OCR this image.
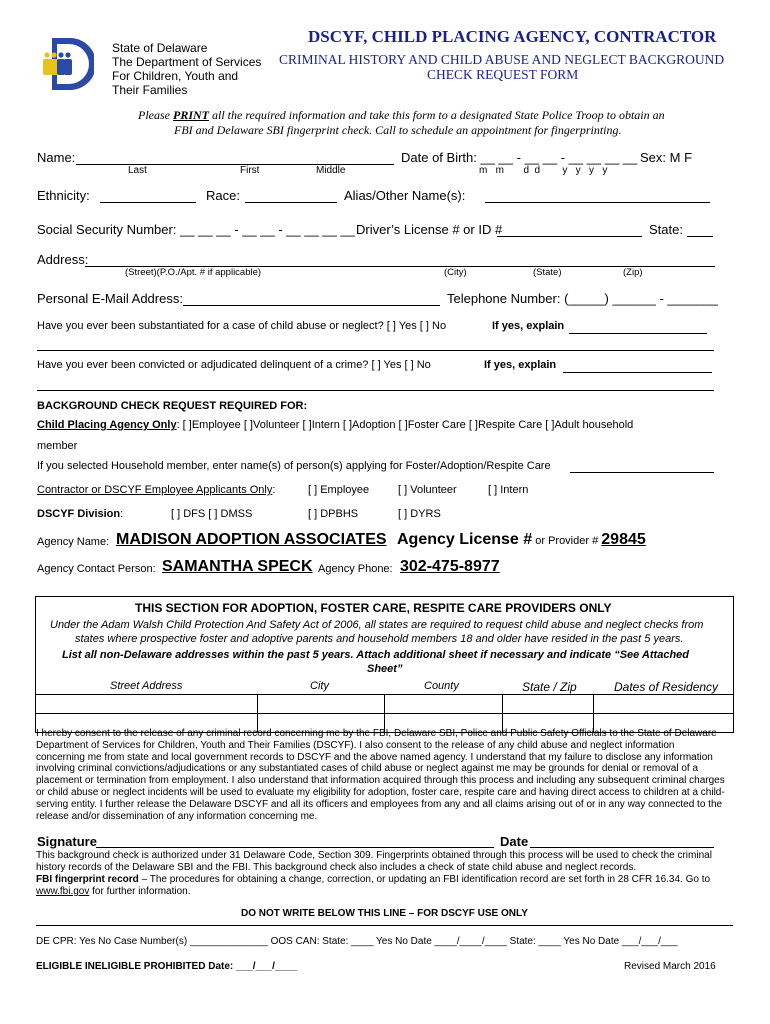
State of Delaware
The Department of Services
For Children, Youth and
Their Families
DSCYF, CHILD PLACING AGENCY, CONTRACTOR
CRIMINAL HISTORY AND CHILD ABUSE AND NEGLECT BACKGROUND
CHECK REQUEST FORM
Please PRINT all the required information and take this form to a designated State Police Troop to obtain an
FBI and Delaware SBI fingerprint check. Call to schedule an appointment for fingerprinting.
Name:
Last	First	Middle
Date of Birth: __ __ - __ __ - __ __ __ __
m   m       d  d        y   y   y   y
Sex: M F
Ethnicity:	Race:	Alias/Other Name(s):
Social Security Number: __ __ __ - __ __ - __ __ __ __ Driver’s License # or ID #	State:
Address:
(Street)(P.O./Apt. # if applicable)	(City)	(State)	(Zip)
Personal E-Mail Address:	Telephone Number: (_____) ______ - _______
Have you ever been substantiated for a case of child abuse or neglect? [ ] Yes [ ] No	If yes, explain
Have you ever been convicted or adjudicated delinquent of a crime? [ ] Yes [ ] No	If yes, explain
BACKGROUND CHECK REQUEST REQUIRED FOR:
Child Placing Agency Only: [ ]Employee [ ]Volunteer [ ]Intern [ ]Adoption [ ]Foster Care [ ]Respite Care [ ]Adult household
member
If you selected Household member, enter name(s) of person(s) applying for Foster/Adoption/Respite Care
Contractor or DSCYF Employee Applicants Only:	[ ] Employee	[ ] Volunteer	[ ] Intern
DSCYF Division:	[ ] DFS [ ] DMSS	[ ] DPBHS	[ ] DYRS
Agency Name: MADISON ADOPTION ASSOCIATES Agency License # or Provider # 29845
Agency Contact Person: SAMANTHA SPECK Agency Phone: 302-475-8977
THIS SECTION FOR ADOPTION, FOSTER CARE, RESPITE CARE PROVIDERS ONLY
Under the Adam Walsh Child Protection And Safety Act of 2006, all states are required to request child abuse and neglect checks from
states where prospective foster and adoptive parents and household members 18 and older have resided in the past 5 years.
List all non-Delaware addresses within the past 5 years. Attach additional sheet if necessary and indicate “See Attached
Sheet”
Street Address	City	County	State / Zip	Dates of Residency

I hereby consent to the release of any criminal record concerning me by the FBI, Delaware SBI, Police and Public Safety Officials to the State of Delaware
Department of Services for Children, Youth and Their Families (DSCYF). I also consent to the release of any child abuse and neglect information
concerning me from state and local government records to DSCYF and the above named agency. I understand that my failure to disclose any information
involving criminal convictions/adjudications or any substantiated cases of child abuse or neglect against me may be grounds for denial or removal of a
placement or termination from employment. I also understand that information acquired through this process and including any subsequent criminal charges
or child abuse or neglect incidents will be used to evaluate my eligibility for adoption, foster care, respite care and having direct access to children at a child-
serving entity. I further release the Delaware DSCYF and all its officers and employees from any and all claims arising out of or in any way connected to the
release and/or dissemination of any information concerning me.
Signature	Date
This background check is authorized under 31 Delaware Code, Section 309. Fingerprints obtained through this process will be used to check the criminal
history records of the Delaware SBI and the FBI. This background check also includes a check of state child abuse and neglect records.
FBI fingerprint record – The procedures for obtaining a change, correction, or updating an FBI identification record are set forth in 28 CFR 16.34. Go to
www.fbi.gov for further information.
DO NOT WRITE BELOW THIS LINE – FOR DSCYF USE ONLY
DE CPR: Yes No Case Number(s) ______________ OOS CAN: State: ____ Yes No Date ____/____/____ State: ____ Yes No Date ___/___/___
ELIGIBLE INELIGIBLE PROHIBITED Date: ___/___/____	Revised March 2016
